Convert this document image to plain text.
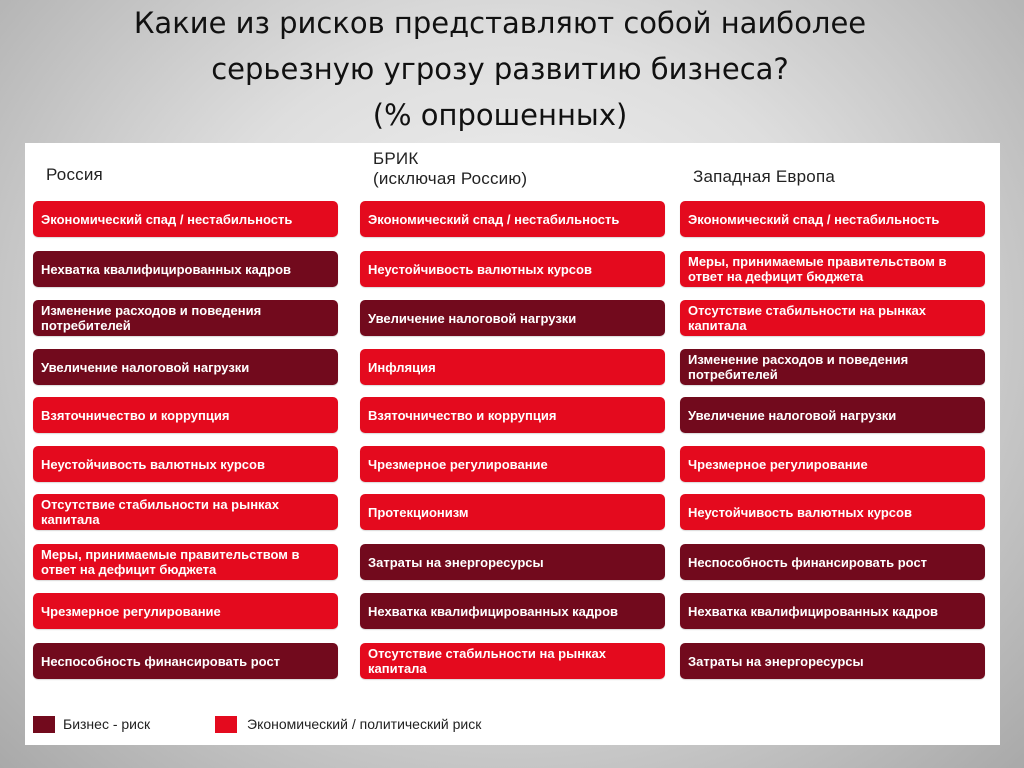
Какие из рисков представляют собой наиболее
серьезную угрозу развитию бизнеса?
(% опрошенных)
Россия
Экономический спад / нестабильность
Нехватка квалифицированных кадров
Изменение расходов и поведения потребителей
Увеличение налоговой нагрузки
Взяточничество и коррупция
Неустойчивость валютных курсов
Отсутствие стабильности на рынках капитала
Меры, принимаемые правительством в ответ на дефицит бюджета
Чрезмерное регулирование
Неспособность финансировать рост
БРИК
(исключая Россию)
Экономический спад / нестабильность
Неустойчивость валютных курсов
Увеличение налоговой нагрузки
Инфляция
Взяточничество и коррупция
Чрезмерное регулирование
Протекционизм
Затраты на энергоресурсы
Нехватка квалифицированных кадров
Отсутствие стабильности на рынках капитала
Западная Европа
Экономический спад / нестабильность
Меры, принимаемые правительством в ответ на дефицит бюджета
Отсутствие стабильности на рынках капитала
Изменение расходов и поведения потребителей
Увеличение налоговой нагрузки
Чрезмерное регулирование
Неустойчивость валютных курсов
Неспособность финансировать рост
Нехватка квалифицированных кадров
Затраты на энергоресурсы
Бизнес - риск	Экономический / политический риск
